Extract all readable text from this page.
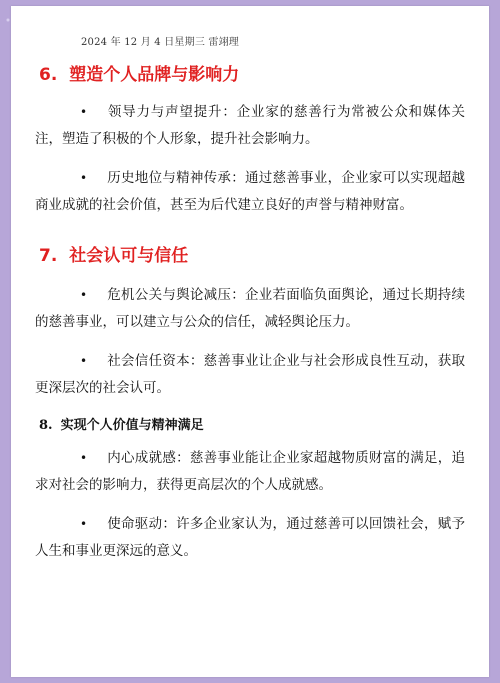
2024 年 12 月 4 日星期三 雷翊理
6. 塑造个人品牌与影响力

• 领导力与声望提升：企业家的慈善行为常被公众和媒体关注，塑造了积极的个人形象，提升社会影响力。

• 历史地位与精神传承：通过慈善事业，企业家可以实现超越商业成就的社会价值，甚至为后代建立良好的声誉与精神财富。

7. 社会认可与信任

• 危机公关与舆论减压：企业若面临负面舆论，通过长期持续的慈善事业，可以建立与公众的信任，减轻舆论压力。

• 社会信任资本：慈善事业让企业与社会形成良性互动，获取更深层次的社会认可。

8. 实现个人价值与精神满足

• 内心成就感：慈善事业能让企业家超越物质财富的满足，追求对社会的影响力，获得更高层次的个人成就感。

• 使命驱动：许多企业家认为，通过慈善可以回馈社会，赋予人生和事业更深远的意义。
